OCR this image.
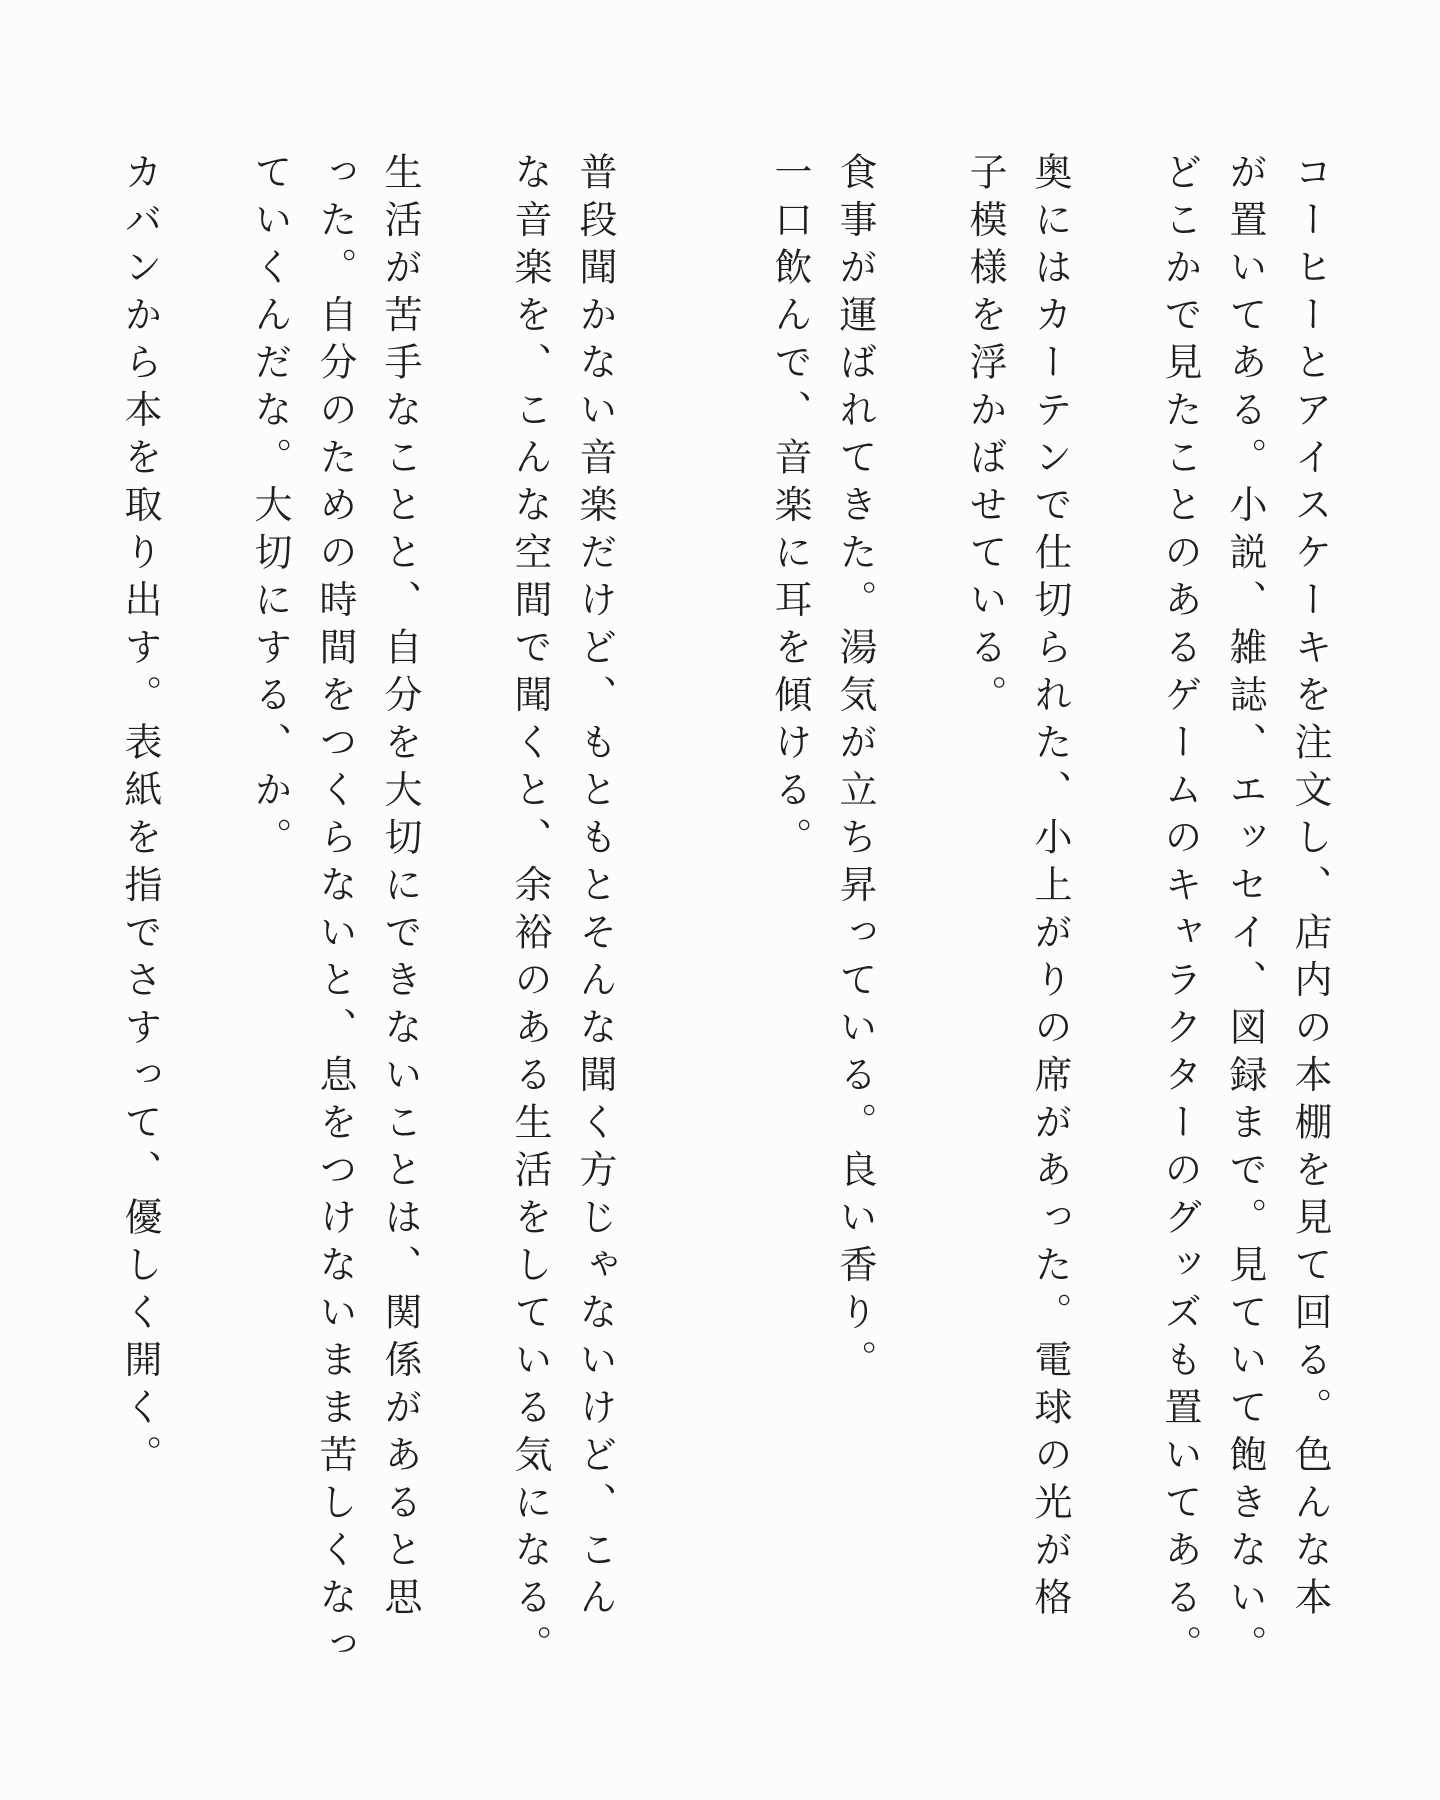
コーヒーとアイスケーキを注文し、店内の本棚を見て回る。色んな本
が置いてある。小説、雑誌、エッセイ、図録まで。見ていて飽きない。
どこかで見たことのあるゲームのキャラクターのグッズも置いてある。
奥にはカーテンで仕切られた、小上がりの席があった。電球の光が格
子模様を浮かばせている。
食事が運ばれてきた。湯気が立ち昇っている。良い香り。
一口飲んで、音楽に耳を傾ける。
普段聞かない音楽だけど、もともとそんな聞く方じゃないけど、こん
な音楽を、こんな空間で聞くと、余裕のある生活をしている気になる。
生活が苦手なことと、自分を大切にできないことは、関係があると思
った。自分のための時間をつくらないと、息をつけないまま苦しくなっ
ていくんだな。大切にする、か。
カバンから本を取り出す。表紙を指でさすって、優しく開く。
